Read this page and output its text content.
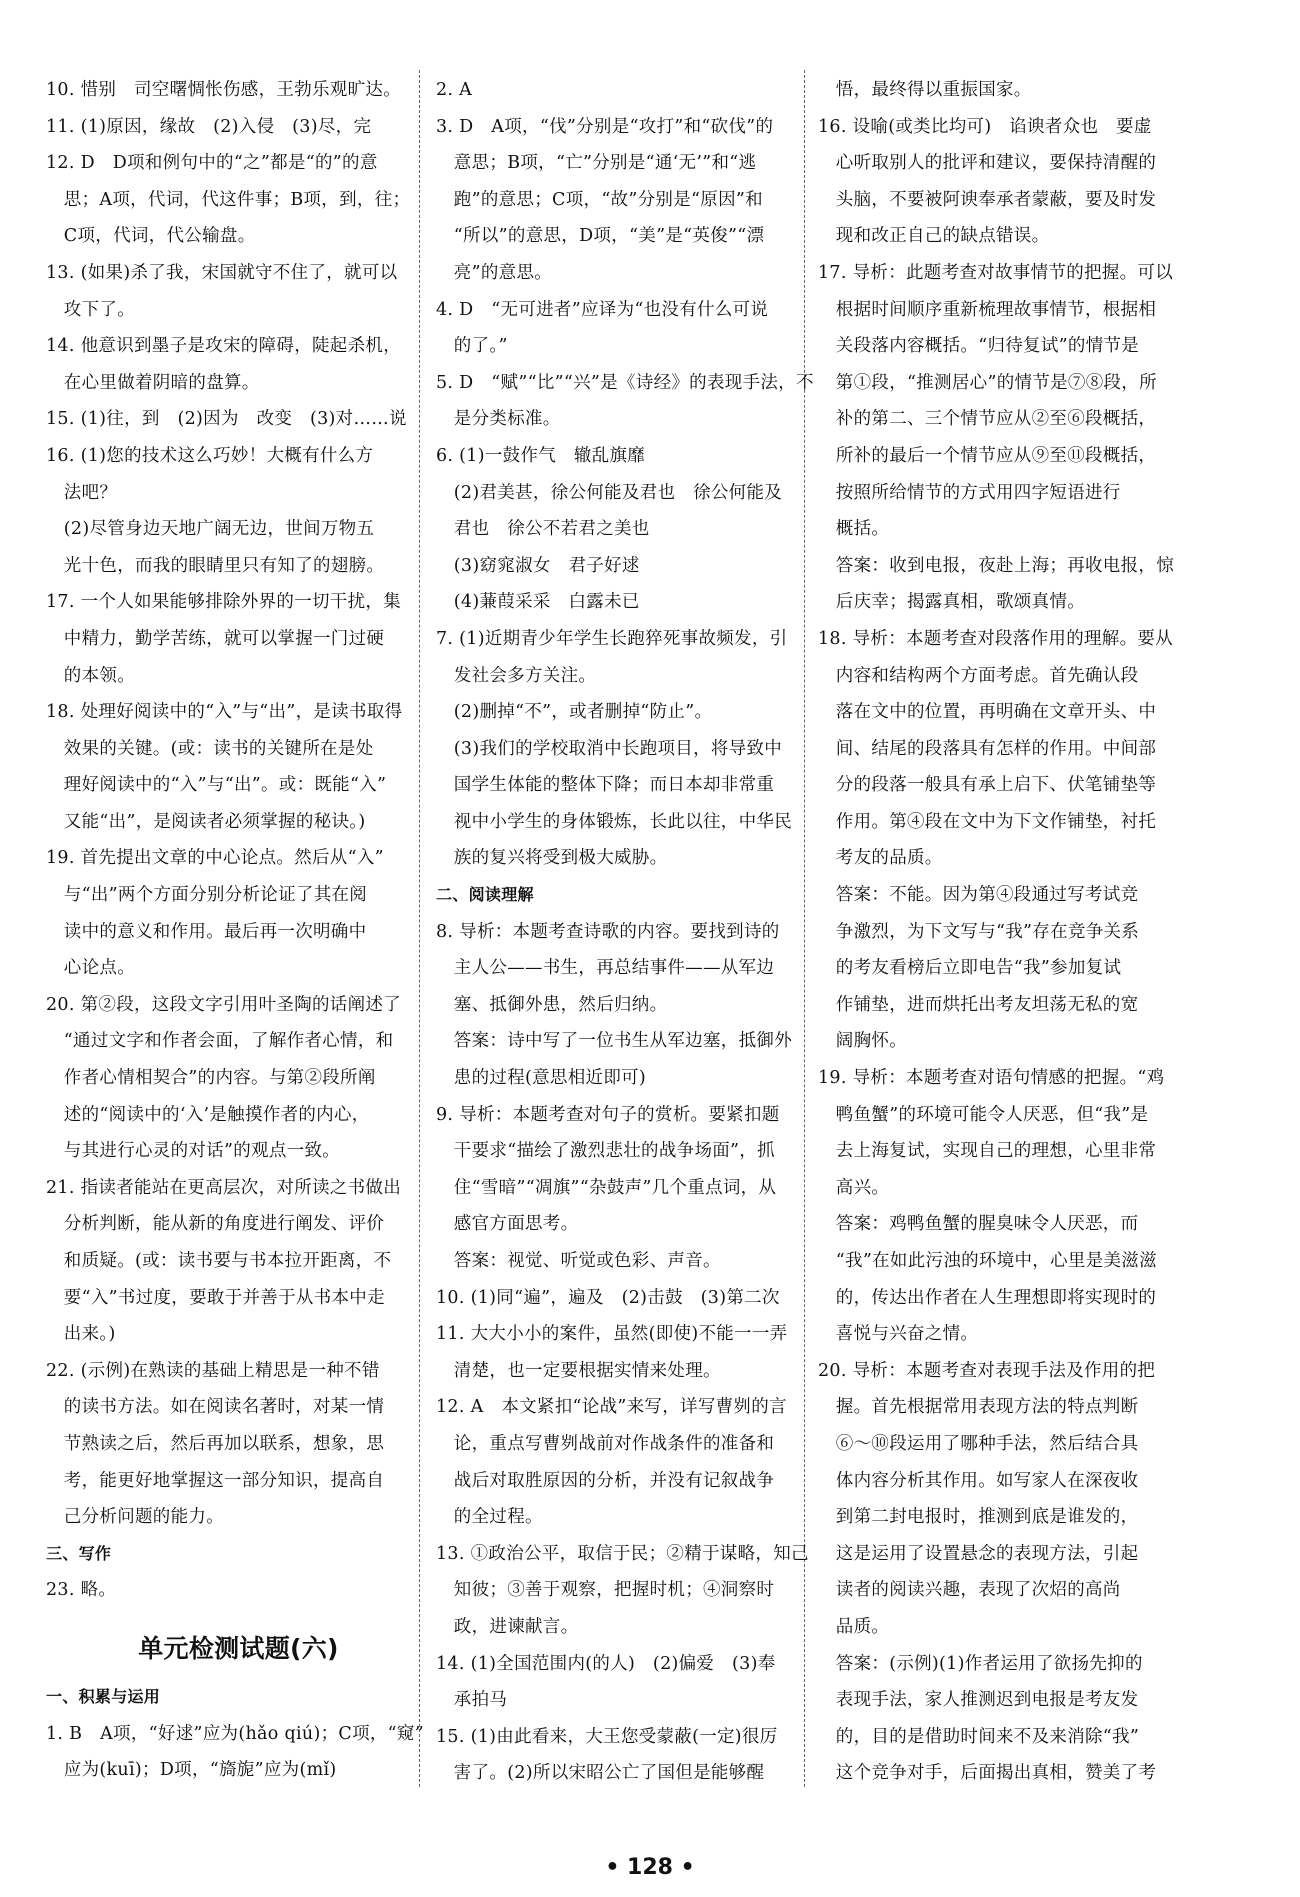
10. 惜别　司空曙惆怅伤感，王勃乐观旷达。
11. (1)原因，缘故　(2)入侵　(3)尽，完
12. D　D项和例句中的“之”都是“的”的意
　思；A项，代词，代这件事；B项，到，往；
　C项，代词，代公输盘。
13. (如果)杀了我，宋国就守不住了，就可以
　攻下了。
14. 他意识到墨子是攻宋的障碍，陡起杀机，
　在心里做着阴暗的盘算。
15. (1)往，到　(2)因为　改变　(3)对……说
16. (1)您的技术这么巧妙！大概有什么方
　法吧？
　(2)尽管身边天地广阔无边，世间万物五
　光十色，而我的眼睛里只有知了的翅膀。
17. 一个人如果能够排除外界的一切干扰，集
　中精力，勤学苦练，就可以掌握一门过硬
　的本领。
18. 处理好阅读中的“入”与“出”，是读书取得
　效果的关键。(或：读书的关键所在是处
　理好阅读中的“入”与“出”。或：既能“入”
　又能“出”，是阅读者必须掌握的秘诀。)
19. 首先提出文章的中心论点。然后从“入”
　与“出”两个方面分别分析论证了其在阅
　读中的意义和作用。最后再一次明确中
　心论点。
20. 第②段，这段文字引用叶圣陶的话阐述了
　“通过文字和作者会面，了解作者心情，和
　作者心情相契合”的内容。与第②段所阐
　述的“阅读中的‘入’是触摸作者的内心，
　与其进行心灵的对话”的观点一致。
21. 指读者能站在更高层次，对所读之书做出
　分析判断，能从新的角度进行阐发、评价
　和质疑。(或：读书要与书本拉开距离，不
　要“入”书过度，要敢于并善于从书本中走
　出来。)
22. (示例)在熟读的基础上精思是一种不错
　的读书方法。如在阅读名著时，对某一情
　节熟读之后，然后再加以联系，想象，思
　考，能更好地掌握这一部分知识，提高自
　己分析问题的能力。
三、写作
23. 略。
单元检测试题(六)
一、积累与运用
1. B　A项，“好逑”应为(hǎo qiú)；C项，“窥”
　应为(kuī)；D项，“旖旎”应为(mǐ)
2. A
3. D　A项，“伐”分别是“攻打”和“砍伐”的
　意思；B项，“亡”分别是“通‘无’”和“逃
　跑”的意思；C项，“故”分别是“原因”和
　“所以”的意思，D项，“美”是“英俊”“漂
　亮”的意思。
4. D　“无可进者”应译为“也没有什么可说
　的了。”
5. D　“赋”“比”“兴”是《诗经》的表现手法，不
　是分类标准。
6. (1)一鼓作气　辙乱旗靡
　(2)君美甚，徐公何能及君也　徐公何能及
　君也　徐公不若君之美也
　(3)窈窕淑女　君子好逑
　(4)蒹葭采采　白露未已
7. (1)近期青少年学生长跑猝死事故频发，引
　发社会多方关注。
　(2)删掉“不”，或者删掉“防止”。
　(3)我们的学校取消中长跑项目，将导致中
　国学生体能的整体下降；而日本却非常重
　视中小学生的身体锻炼，长此以往，中华民
　族的复兴将受到极大威胁。
二、阅读理解
8. 导析：本题考查诗歌的内容。要找到诗的
　主人公——书生，再总结事件——从军边
　塞、抵御外患，然后归纳。
　答案：诗中写了一位书生从军边塞，抵御外
　患的过程(意思相近即可)
9. 导析：本题考查对句子的赏析。要紧扣题
　干要求“描绘了激烈悲壮的战争场面”，抓
　住“雪暗”“凋旗”“杂鼓声”几个重点词，从
　感官方面思考。
　答案：视觉、听觉或色彩、声音。
10. (1)同“遍”，遍及　(2)击鼓　(3)第二次
11. 大大小小的案件，虽然(即使)不能一一弄
　清楚，也一定要根据实情来处理。
12. A　本文紧扣“论战”来写，详写曹刿的言
　论，重点写曹刿战前对作战条件的准备和
　战后对取胜原因的分析，并没有记叙战争
　的全过程。
13. ①政治公平，取信于民；②精于谋略，知己
　知彼；③善于观察，把握时机；④洞察时
　政，进谏献言。
14. (1)全国范围内(的人)　(2)偏爱　(3)奉
　承拍马
15. (1)由此看来，大王您受蒙蔽(一定)很厉
　害了。(2)所以宋昭公亡了国但是能够醒
　悟，最终得以重振国家。
16. 设喻(或类比均可)　谄谀者众也　要虚
　心听取别人的批评和建议，要保持清醒的
　头脑，不要被阿谀奉承者蒙蔽，要及时发
　现和改正自己的缺点错误。
17. 导析：此题考查对故事情节的把握。可以
　根据时间顺序重新梳理故事情节，根据相
　关段落内容概括。“归待复试”的情节是
　第①段，“推测居心”的情节是⑦⑧段，所
　补的第二、三个情节应从②至⑥段概括，
　所补的最后一个情节应从⑨至⑪段概括，
　按照所给情节的方式用四字短语进行
　概括。
　答案：收到电报，夜赴上海；再收电报，惊
　后庆幸；揭露真相，歌颂真情。
18. 导析：本题考查对段落作用的理解。要从
　内容和结构两个方面考虑。首先确认段
　落在文中的位置，再明确在文章开头、中
　间、结尾的段落具有怎样的作用。中间部
　分的段落一般具有承上启下、伏笔铺垫等
　作用。第④段在文中为下文作铺垫，衬托
　考友的品质。
　答案：不能。因为第④段通过写考试竞
　争激烈，为下文写与“我”存在竞争关系
　的考友看榜后立即电告“我”参加复试
　作铺垫，进而烘托出考友坦荡无私的宽
　阔胸怀。
19. 导析：本题考查对语句情感的把握。“鸡
　鸭鱼蟹”的环境可能令人厌恶，但“我”是
　去上海复试，实现自己的理想，心里非常
　高兴。
　答案：鸡鸭鱼蟹的腥臭味令人厌恶，而
　“我”在如此污浊的环境中，心里是美滋滋
　的，传达出作者在人生理想即将实现时的
　喜悦与兴奋之情。
20. 导析：本题考查对表现手法及作用的把
　握。首先根据常用表现方法的特点判断
　⑥～⑩段运用了哪种手法，然后结合具
　体内容分析其作用。如写家人在深夜收
　到第二封电报时，推测到底是谁发的，
　这是运用了设置悬念的表现方法，引起
　读者的阅读兴趣，表现了次炤的高尚
　品质。
　答案：(示例)(1)作者运用了欲扬先抑的
　表现手法，家人推测迟到电报是考友发
　的，目的是借助时间来不及来消除“我”
　这个竞争对手，后面揭出真相，赞美了考
• 128 •
